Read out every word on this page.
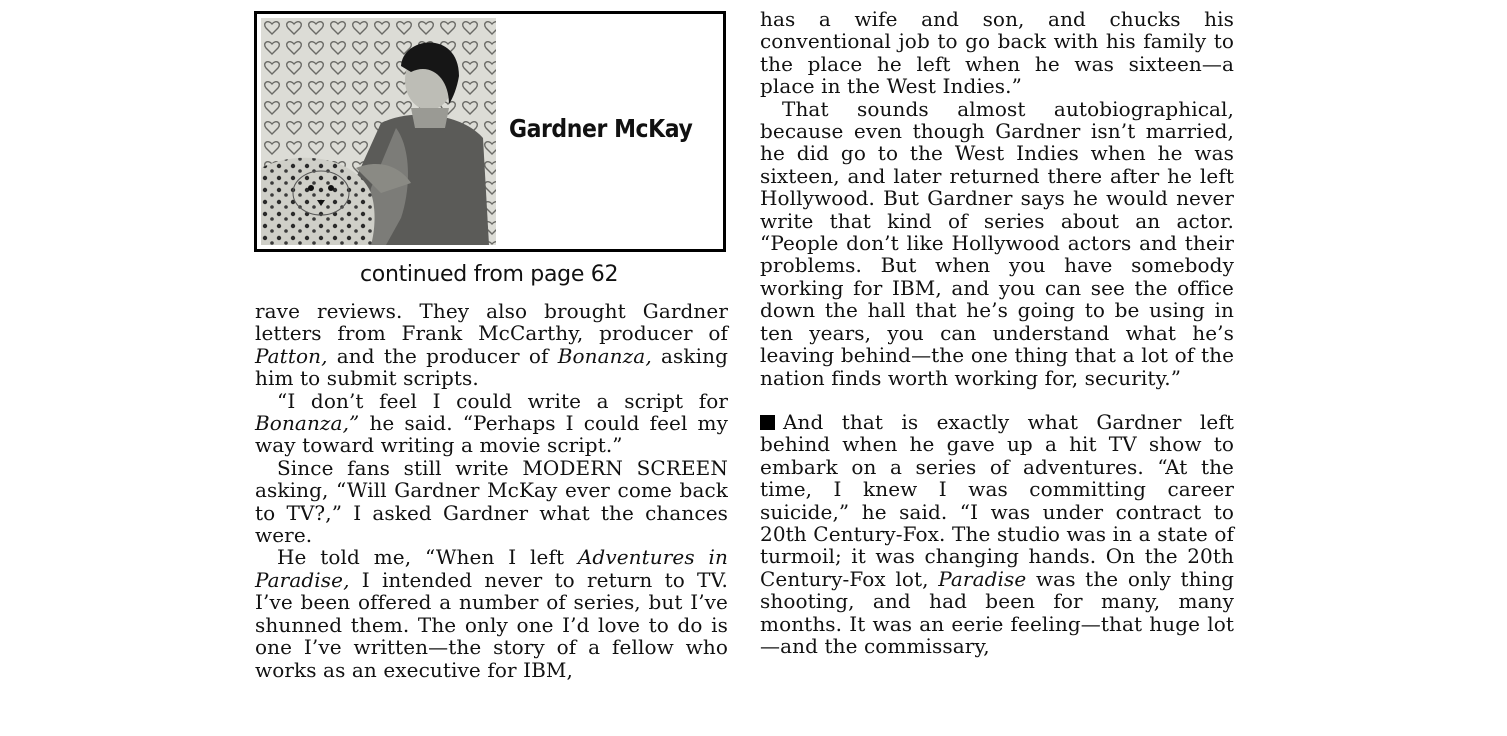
Gardner McKay
continued from page 62

rave reviews. They also brought Gardner letters from Frank McCarthy, producer of Patton, and the producer of Bonanza, asking him to submit scripts.

“I don’t feel I could write a script for Bonanza,” he said. “Perhaps I could feel my way toward writing a movie script.”

Since fans still write MODERN SCREEN asking, “Will Gardner McKay ever come back to TV?,” I asked Gardner what the chances were.

He told me, “When I left Adventures in Paradise, I intended never to return to TV. I’ve been offered a number of series, but I’ve shunned them. The only one I’d love to do is one I’ve written—the story of a fellow who works as an executive for IBM,

has a wife and son, and chucks his conventional job to go back with his family to the place he left when he was sixteen—a place in the West Indies.”

That sounds almost autobiographical, because even though Gardner isn’t married, he did go to the West Indies when he was sixteen, and later returned there after he left Hollywood. But Gardner says he would never write that kind of series about an actor. “People don’t like Hollywood actors and their problems. But when you have somebody working for IBM, and you can see the office down the hall that he’s going to be using in ten years, you can understand what he’s leaving behind—the one thing that a lot of the nation finds worth working for, security.”

And that is exactly what Gardner left behind when he gave up a hit TV show to embark on a series of adventures. “At the time, I knew I was committing career suicide,” he said. “I was under contract to 20th Century-Fox. The studio was in a state of turmoil; it was changing hands. On the 20th Century-Fox lot, Paradise was the only thing shooting, and had been for many, many months. It was an eerie feeling—that huge lot—and the commissary,
